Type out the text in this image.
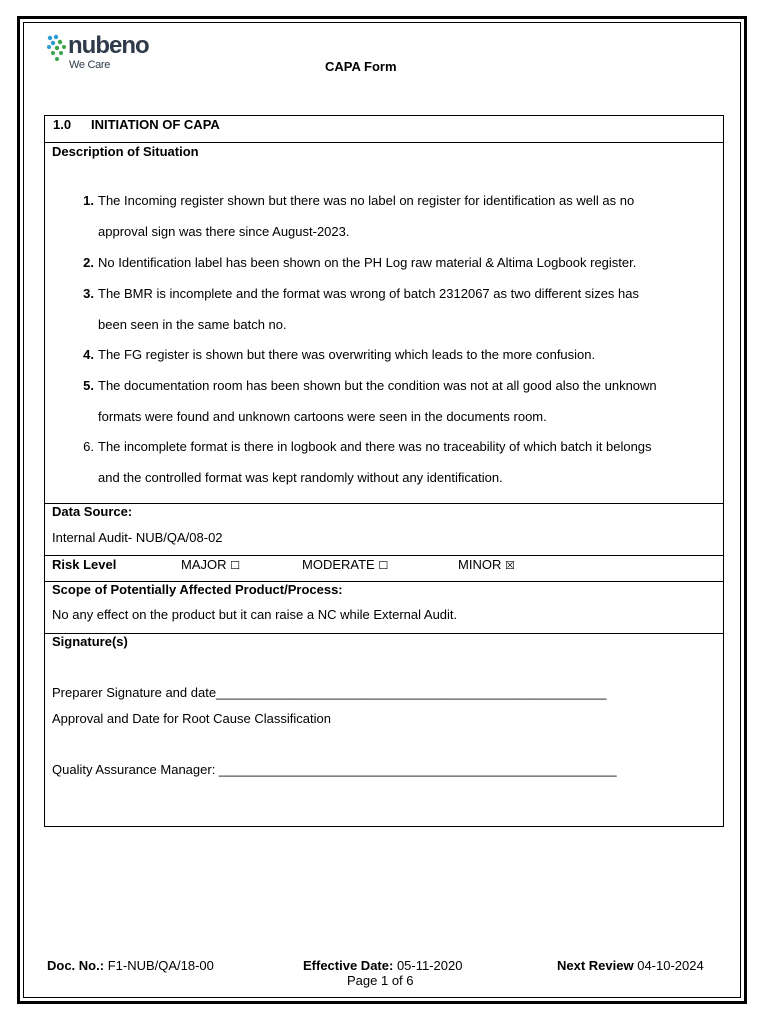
nubeno
We Care	CAPA Form
1.0 INITIATION OF CAPA
Description of Situation
1. The Incoming register shown but there was no label on register for identification as well as no
approval sign was there since August-2023.
2. No Identification label has been shown on the PH Log raw material & Altima Logbook register.
3. The BMR is incomplete and the format was wrong of batch 2312067 as two different sizes has
been seen in the same batch no.
4. The FG register is shown but there was overwriting which leads to the more confusion.
5. The documentation room has been shown but the condition was not at all good also the unknown
formats were found and unknown cartoons were seen in the documents room.
6. The incomplete format is there in logbook and there was no traceability of which batch it belongs
and the controlled format was kept randomly without any identification.
Data Source:
Internal Audit- NUB/QA/08-02
Risk Level	MAJOR ☐	MODERATE ☐	MINOR ☒
Scope of Potentially Affected Product/Process:
No any effect on the product but it can raise a NC while External Audit.
Signature(s)
Preparer Signature and date______________________________________________________
Approval and Date for Root Cause Classification
Quality Assurance Manager: _______________________________________________________
Doc. No.: F1-NUB/QA/18-00	Effective Date: 05-11-2020	Next Review 04-10-2024
Page 1 of 6
